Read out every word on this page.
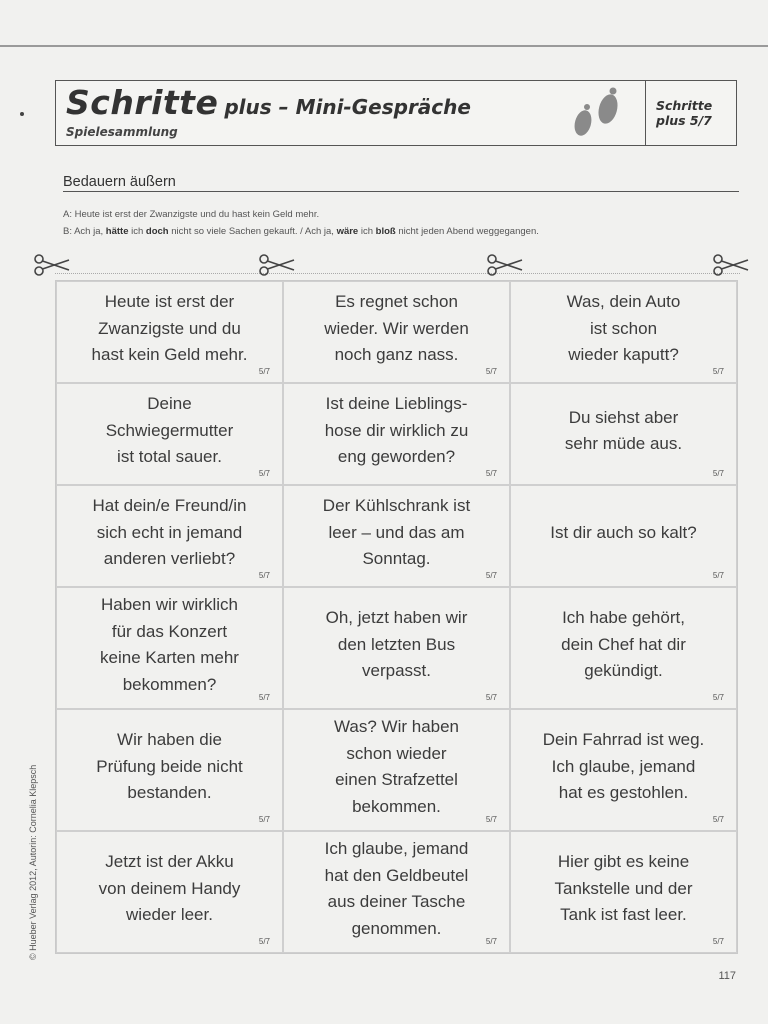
Schritte plus – Mini-Gespräche
Spielesammlung
Schritte
plus 5/7
Bedauern äußern
A: Heute ist erst der Zwanzigste und du hast kein Geld mehr.
B: Ach ja, hätte ich doch nicht so viele Sachen gekauft. / Ach ja, wäre ich bloß nicht jeden Abend weggegangen.
Heute ist erst der
Zwanzigste und du
hast kein Geld mehr.
5/7
Es regnet schon
wieder. Wir werden
noch ganz nass.
5/7
Was, dein Auto
ist schon
wieder kaputt?
5/7
Deine
Schwiegermutter
ist total sauer.
5/7
Ist deine Lieblings-
hose dir wirklich zu
eng geworden?
5/7
Du siehst aber
sehr müde aus.
5/7
Hat dein/e Freund/in
sich echt in jemand
anderen verliebt?
5/7
Der Kühlschrank ist
leer – und das am
Sonntag.
5/7
Ist dir auch so kalt?
5/7
Haben wir wirklich
für das Konzert
keine Karten mehr
bekommen?
5/7
Oh, jetzt haben wir
den letzten Bus
verpasst.
5/7
Ich habe gehört,
dein Chef hat dir
gekündigt.
5/7
Wir haben die
Prüfung beide nicht
bestanden.
5/7
Was? Wir haben
schon wieder
einen Strafzettel
bekommen.
5/7
Dein Fahrrad ist weg.
Ich glaube, jemand
hat es gestohlen.
5/7
Jetzt ist der Akku
von deinem Handy
wieder leer.
5/7
Ich glaube, jemand
hat den Geldbeutel
aus deiner Tasche
genommen.
5/7
Hier gibt es keine
Tankstelle und der
Tank ist fast leer.
5/7
© Hueber Verlag 2012, Autorin: Cornelia Klepsch
117
